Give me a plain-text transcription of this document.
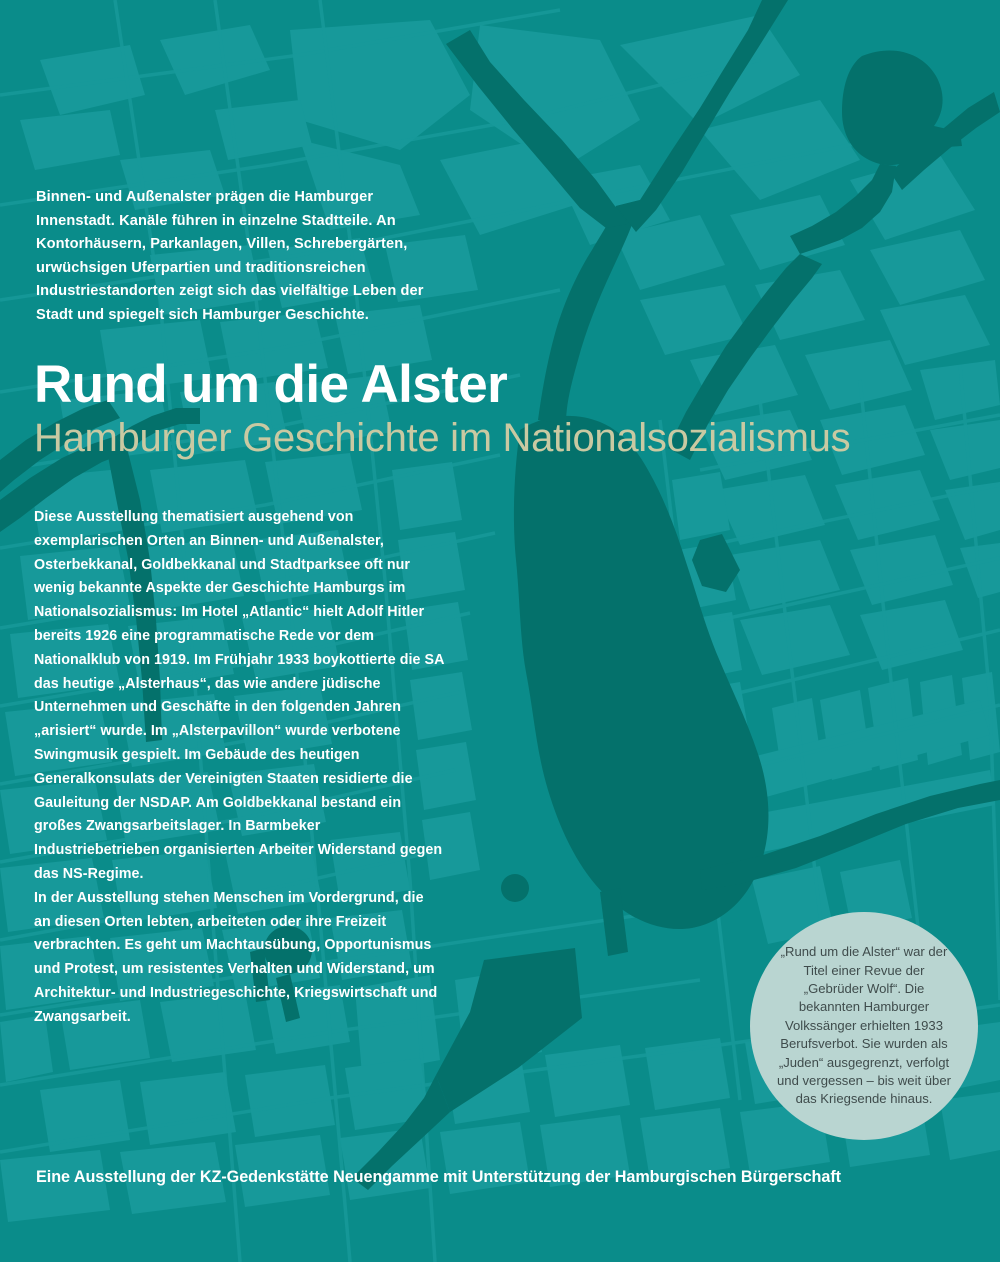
Binnen- und Außenalster prägen die Hamburger Innenstadt. Kanäle führen in einzelne Stadtteile. An Kontorhäusern, Parkanlagen, Villen, Schrebergärten, urwüchsigen Uferpartien und traditionsreichen Industriestandorten zeigt sich das vielfältige Leben der Stadt und spiegelt sich Hamburger Geschichte.
Rund um die Alster
Hamburger Geschichte im Nationalsozialismus

Diese Ausstellung thematisiert ausgehend von exemplarischen Orten an Binnen- und Außenalster, Osterbekkanal, Goldbekkanal und Stadtparksee oft nur wenig bekannte Aspekte der Geschichte Hamburgs im Nationalsozialismus: Im Hotel „Atlantic“ hielt Adolf Hitler bereits 1926 eine programmatische Rede vor dem Nationalklub von 1919. Im Frühjahr 1933 boykottierte die SA das heutige „Alsterhaus“, das wie andere jüdische Unternehmen und Geschäfte in den folgenden Jahren „arisiert“ wurde. Im „Alsterpavillon“ wurde verbotene Swingmusik gespielt. Im Gebäude des heutigen Generalkonsulats der Vereinigten Staaten residierte die Gauleitung der NSDAP. Am Goldbekkanal bestand ein großes Zwangsarbeitslager. In Barmbeker Industriebetrieben organisierten Arbeiter Widerstand gegen das NS-Regime.

In der Ausstellung stehen Menschen im Vordergrund, die an diesen Orten lebten, arbeiteten oder ihre Freizeit verbrachten. Es geht um Machtausübung, Opportunismus und Protest, um resistentes Verhalten und Widerstand, um Architektur- und Industriegeschichte, Kriegswirtschaft und Zwangsarbeit.

„Rund um die Alster“ war der Titel einer Revue der „Gebrüder Wolf“. Die bekannten Hamburger Volkssänger erhielten 1933 Berufsverbot. Sie wurden als „Juden“ ausgegrenzt, verfolgt und vergessen – bis weit über das Kriegsende hinaus.
Eine Ausstellung der KZ-Gedenkstätte Neuengamme mit Unterstützung der Hamburgischen Bürgerschaft
